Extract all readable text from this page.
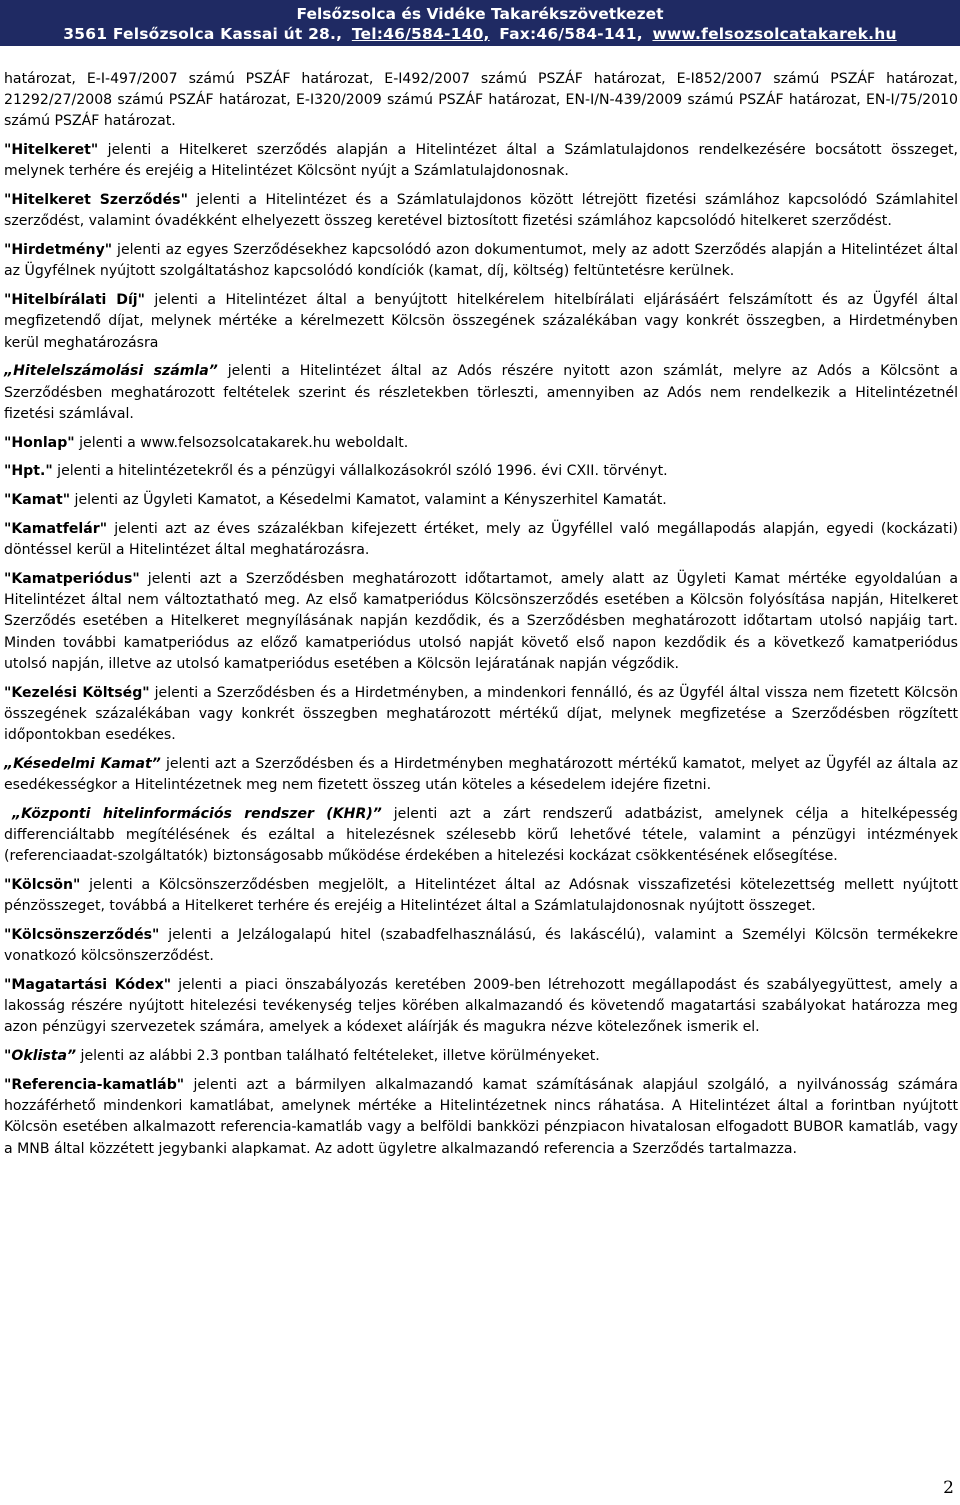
Felsőzsolca és Vidéke Takarékszövetkezet
3561 Felsőzsolca Kassai út 28., Tel:46/584-140, Fax:46/584-141, www.felsozsolcatakarek.hu

határozat, E-I-497/2007 számú PSZÁF határozat, E-I492/2007 számú PSZÁF határozat, E-I852/2007 számú PSZÁF határozat, 21292/27/2008 számú PSZÁF határozat, E-I320/2009 számú PSZÁF határozat, EN-I/N-439/2009 számú PSZÁF határozat, EN-I/75/2010 számú PSZÁF határozat.

"Hitelkeret" jelenti a Hitelkeret szerződés alapján a Hitelintézet által a Számlatulajdonos rendelkezésére bocsátott összeget, melynek terhére és erejéig a Hitelintézet Kölcsönt nyújt a Számlatulajdonosnak.

"Hitelkeret Szerződés" jelenti a Hitelintézet és a Számlatulajdonos között létrejött fizetési számlához kapcsolódó Számlahitel szerződést, valamint óvadékként elhelyezett összeg keretével biztosított fizetési számlához kapcsolódó hitelkeret szerződést.

"Hirdetmény" jelenti az egyes Szerződésekhez kapcsolódó azon dokumentumot, mely az adott Szerződés alapján a Hitelintézet által az Ügyfélnek nyújtott szolgáltatáshoz kapcsolódó kondíciók (kamat, díj, költség) feltüntetésre kerülnek.

"Hitelbírálati Díj" jelenti a Hitelintézet által a benyújtott hitelkérelem hitelbírálati eljárásáért felszámított és az Ügyfél által megfizetendő díjat, melynek mértéke a kérelmezett Kölcsön összegének százalékában vagy konkrét összegben, a Hirdetményben kerül meghatározásra

„Hitelelszámolási számla” jelenti a Hitelintézet által az Adós részére nyitott azon számlát, melyre az Adós a Kölcsönt a Szerződésben meghatározott feltételek szerint és részletekben törleszti, amennyiben az Adós nem rendelkezik a Hitelintézetnél fizetési számlával.

"Honlap" jelenti a www.felsozsolcatakarek.hu weboldalt.

"Hpt." jelenti a hitelintézetekről és a pénzügyi vállalkozásokról szóló 1996. évi CXII. törvényt.

"Kamat" jelenti az Ügyleti Kamatot, a Késedelmi Kamatot, valamint a Kényszerhitel Kamatát.

"Kamatfelár" jelenti azt az éves százalékban kifejezett értéket, mely az Ügyféllel való megállapodás alapján, egyedi (kockázati) döntéssel kerül a Hitelintézet által meghatározásra.

"Kamatperiódus" jelenti azt a Szerződésben meghatározott időtartamot, amely alatt az Ügyleti Kamat mértéke egyoldalúan a Hitelintézet által nem változtatható meg. Az első kamatperiódus Kölcsönszerződés esetében a Kölcsön folyósítása napján, Hitelkeret Szerződés esetében a Hitelkeret megnyílásának napján kezdődik, és a Szerződésben meghatározott időtartam utolsó napjáig tart. Minden további kamatperiódus az előző kamatperiódus utolsó napját követő első napon kezdődik és a következő kamatperiódus utolsó napján, illetve az utolsó kamatperiódus esetében a Kölcsön lejáratának napján végződik.

"Kezelési Költség" jelenti a Szerződésben és a Hirdetményben, a mindenkori fennálló, és az Ügyfél által vissza nem fizetett Kölcsön összegének százalékában vagy konkrét összegben meghatározott mértékű díjat, melynek megfizetése a Szerződésben rögzített időpontokban esedékes.

„Késedelmi Kamat” jelenti azt a Szerződésben és a Hirdetményben meghatározott mértékű kamatot, melyet az Ügyfél az általa az esedékességkor a Hitelintézetnek meg nem fizetett összeg után köteles a késedelem idejére fizetni.

„Központi hitelinformációs rendszer (KHR)” jelenti azt a zárt rendszerű adatbázist, amelynek célja a hitelképesség differenciáltabb megítélésének és ezáltal a hitelezésnek szélesebb körű lehetővé tétele, valamint a pénzügyi intézmények (referenciaadat-szolgáltatók) biztonságosabb működése érdekében a hitelezési kockázat csökkentésének elősegítése.

"Kölcsön" jelenti a Kölcsönszerződésben megjelölt, a Hitelintézet által az Adósnak visszafizetési kötelezettség mellett nyújtott pénzösszeget, továbbá a Hitelkeret terhére és erejéig a Hitelintézet által a Számlatulajdonosnak nyújtott összeget.

"Kölcsönszerződés" jelenti a Jelzálogalapú hitel (szabadfelhasználású, és lakáscélú), valamint a Személyi Kölcsön termékekre vonatkozó kölcsönszerződést.

"Magatartási Kódex" jelenti a piaci önszabályozás keretében 2009-ben létrehozott megállapodást és szabályegyüttest, amely a lakosság részére nyújtott hitelezési tevékenység teljes körében alkalmazandó és követendő magatartási szabályokat határozza meg azon pénzügyi szervezetek számára, amelyek a kódexet aláírják és magukra nézve kötelezőnek ismerik el.

"Oklista” jelenti az alábbi 2.3 pontban található feltételeket, illetve körülményeket.

"Referencia-kamatláb" jelenti azt a bármilyen alkalmazandó kamat számításának alapjául szolgáló, a nyilvánosság számára hozzáférhető mindenkori kamatlábat, amelynek mértéke a Hitelintézetnek nincs ráhatása. A Hitelintézet által a forintban nyújtott Kölcsön esetében alkalmazott referencia-kamatláb vagy a belföldi bankközi pénzpiacon hivatalosan elfogadott BUBOR kamatláb, vagy a MNB által közzétett jegybanki alapkamat. Az adott ügyletre alkalmazandó referencia a Szerződés tartalmazza.

2
